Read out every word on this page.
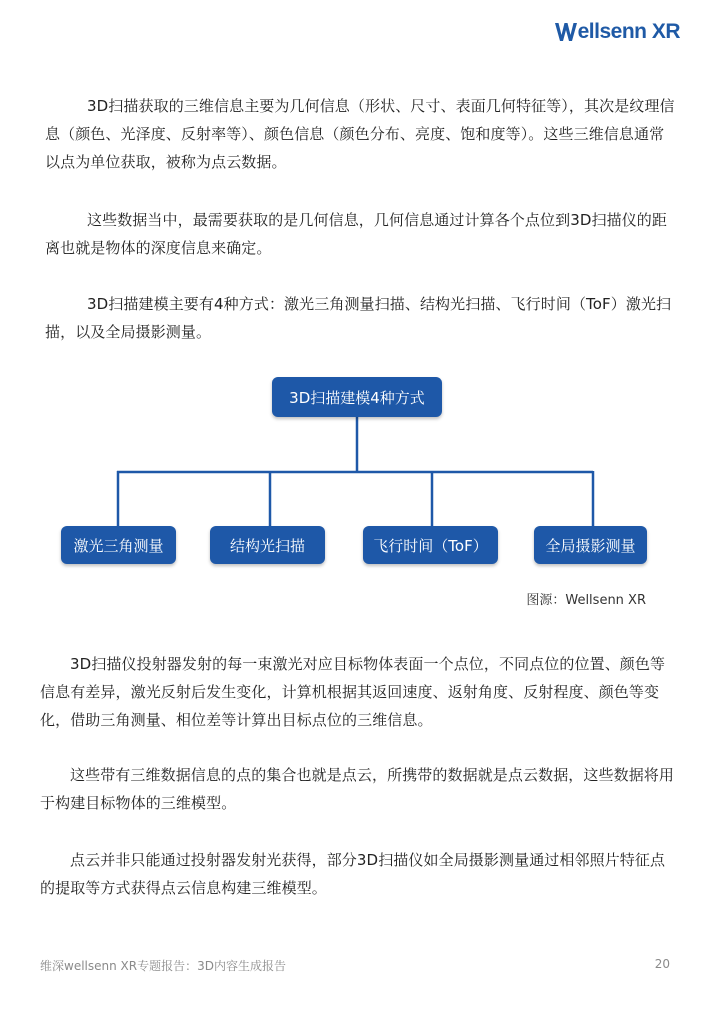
ellsenn XR

3D扫描获取的三维信息主要为几何信息（形状、尺寸、表面几何特征等），其次是纹理信息（颜色、光泽度、反射率等）、颜色信息（颜色分布、亮度、饱和度等）。这些三维信息通常以点为单位获取，被称为点云数据。

这些数据当中，最需要获取的是几何信息，几何信息通过计算各个点位到3D扫描仪的距离也就是物体的深度信息来确定。

3D扫描建模主要有4种方式：激光三角测量扫描、结构光扫描、飞行时间（ToF）激光扫描，以及全局摄影测量。

3D扫描建模4种方式
激光三角测量	结构光扫描	飞行时间（ToF）	全局摄影测量
图源：Wellsenn XR

3D扫描仪投射器发射的每一束激光对应目标物体表面一个点位，不同点位的位置、颜色等信息有差异，激光反射后发生变化，计算机根据其返回速度、返射角度、反射程度、颜色等变化，借助三角测量、相位差等计算出目标点位的三维信息。

这些带有三维数据信息的点的集合也就是点云，所携带的数据就是点云数据，这些数据将用于构建目标物体的三维模型。

点云并非只能通过投射器发射光获得，部分3D扫描仪如全局摄影测量通过相邻照片特征点的提取等方式获得点云信息构建三维模型。

维深wellsenn XR专题报告：3D内容生成报告	20
